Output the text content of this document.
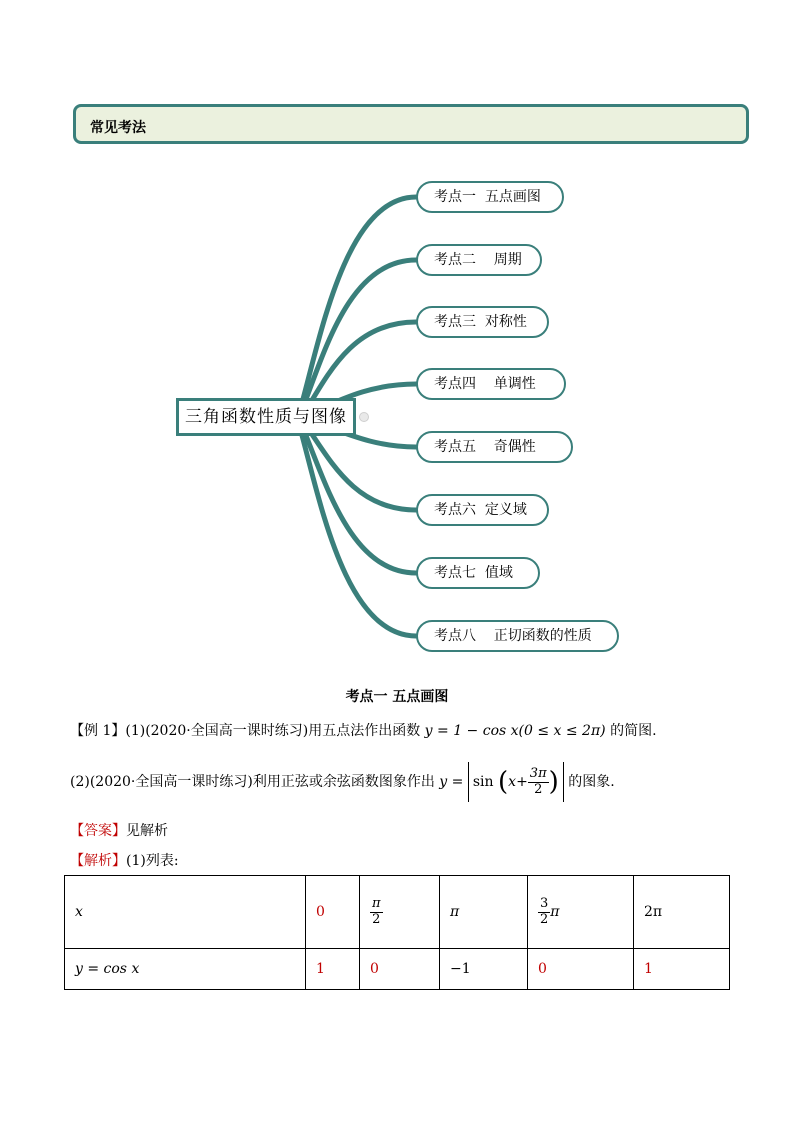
常见考法
三角函数性质与图像
考点一  五点画图
考点二    周期
考点三  对称性
考点四    单调性
考点五    奇偶性
考点六  定义域
考点七  值域
考点八    正切函数的性质
考点一 五点画图
【例 1】(1)(2020·全国高一课时练习)用五点法作出函数 y = 1 − cos x(0 ≤ x ≤ 2π) 的简图.
(2)(2020·全国高一课时练习)利用正弦或余弦函数图象作出 $y = \sin (x+ \frac{3\pi}{2}$ ) 的图象.
【答案】见解析
【解析】(1)列表:
x	0	$\frac{\pi}{2}$	π	$\frac{3}{2}$ π	2π
y = cos x	1	0	−1	0	1
